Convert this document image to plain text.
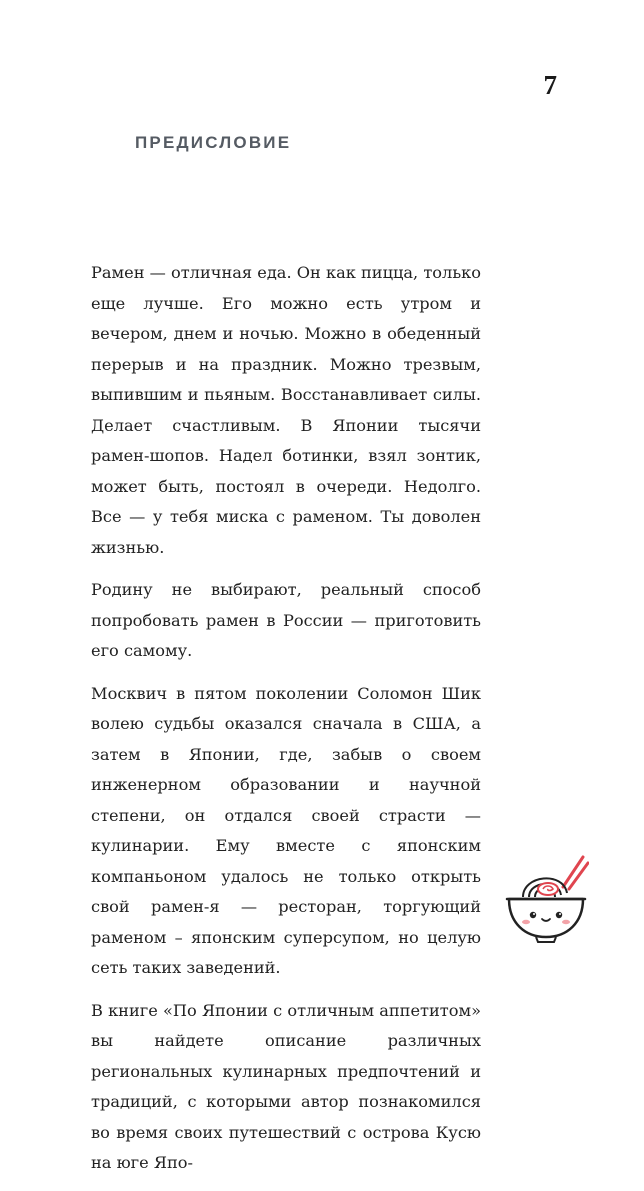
7
ПРЕДИСЛОВИЕ

Рамен — отличная еда. Он как пицца, только еще лучше. Его можно есть утром и вечером, днем и ночью. Можно в обеденный перерыв и на праздник. Можно трезвым, выпившим и пьяным. Восстанавливает силы. Делает счастливым. В Японии тысячи рамен-шопов. Надел ботинки, взял зонтик, может быть, постоял в очереди. Недолго. Все — у тебя миска с раменом. Ты доволен жизнью.

Родину не выбирают, реальный способ попробовать рамен в России — приготовить его самому.

Москвич в пятом поколении Соломон Шик волею судьбы оказался сначала в США, а затем в Японии, где, забыв о своем инженерном образовании и научной степени, он отдался своей страсти — кулинарии. Ему вместе с японским компаньоном удалось не только открыть свой рамен-я — ресторан, торгующий раменом – японским суперсупом, но целую сеть таких заведений.

В книге «По Японии с отличным аппетитом» вы найдете описание различных региональных кулинарных предпочтений и традиций, с которыми автор познакомился во время своих путешествий с острова Кусю на юге Япо-
